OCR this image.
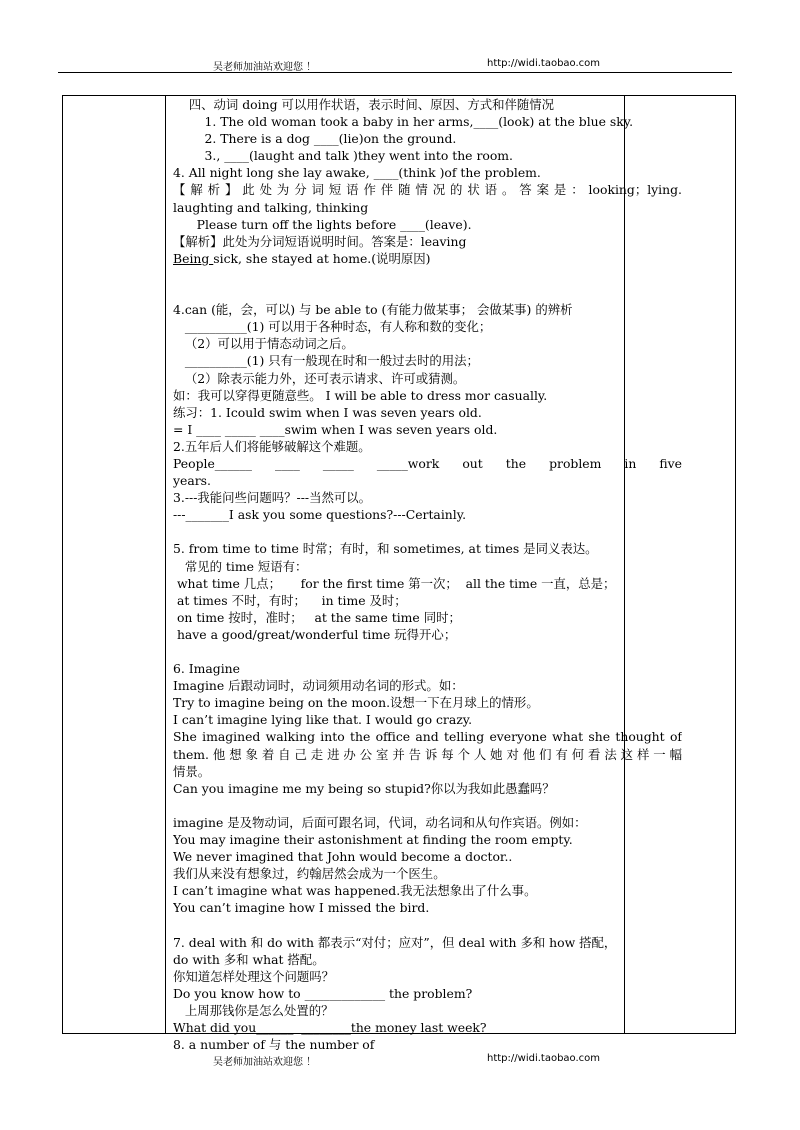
吴老师加油站欢迎您 ！	http://widi.taobao.com
四、动词 doing 可以用作状语，表示时间、原因、方式和伴随情况
1. The old woman took a baby in her arms,____(look) at the blue sky.
2. There is a dog ____(lie)on the ground.
3., ____(laught and talk )they went into the room.
4. All night long she lay awake, ____(think )of the problem.
【解析】此处为分词短语作伴随情况的状语。答案是：looking；lying.
laughting and talking, thinking
Please turn off the lights before ____(leave).
【解析】此处为分词短语说明时间。答案是：leaving
Being sick, she stayed at home.(说明原因)
4.can (能，会，可以) 与 be able to (有能力做某事； 会做某事) 的辨析
__________(1) 可以用于各种时态，有人称和数的变化；
（2）可以用于情态动词之后。
__________(1) 只有一般现在时和一般过去时的用法；
（2）除表示能力外，还可表示请求、许可或猜测。
如：我可以穿得更随意些。 I will be able to dress mor casually.
练习：1. Icould swim when I was seven years old.
= I ____ _____ ____swim when I was seven years old.
2.五年后人们将能够破解这个难题。
People______ ____ _____ _____work out the problem in five
years.
3.---我能问些问题吗？---当然可以。
---_______I ask you some questions?---Certainly.
5. from time to time 时常；有时，和 sometimes, at times 是同义表达。
常见的 time 短语有：
what time 几点；     for the first time 第一次；  all the time 一直，总是；
at times 不时，有时；    in time 及时；
on time 按时，准时；   at the same time 同时；
have a good/great/wonderful time 玩得开心；
6. Imagine
Imagine 后跟动词时，动词须用动名词的形式。如：
Try to imagine being on the moon.设想一下在月球上的情形。
I can’t imagine lying like that. I would go crazy.
She imagined walking into the office and telling everyone what she thought of
them.他想象着自己走进办公室并告诉每个人她对他们有何看法这样一幅
情景。
Can you imagine me my being so stupid?你以为我如此愚蠢吗？
imagine 是及物动词，后面可跟名词，代词，动名词和从句作宾语。例如：
You may imagine their astonishment at finding the room empty.
We never imagined that John would become a doctor..
我们从来没有想象过，约翰居然会成为一个医生。
I can’t imagine what was happened.我无法想象出了什么事。
You can’t imagine how I missed the bird.
7. deal with 和 do with 都表示“对付；应对”，但 deal with 多和 how 搭配，
do with 多和 what 搭配。
你知道怎样处理这个问题吗？
Do you know how to _____________ the problem?
上周那钱你是怎么处置的？
What did you______  ________the money last week?
8. a number of 与 the number of
吴老师加油站欢迎您 ！	http://widi.taobao.com
